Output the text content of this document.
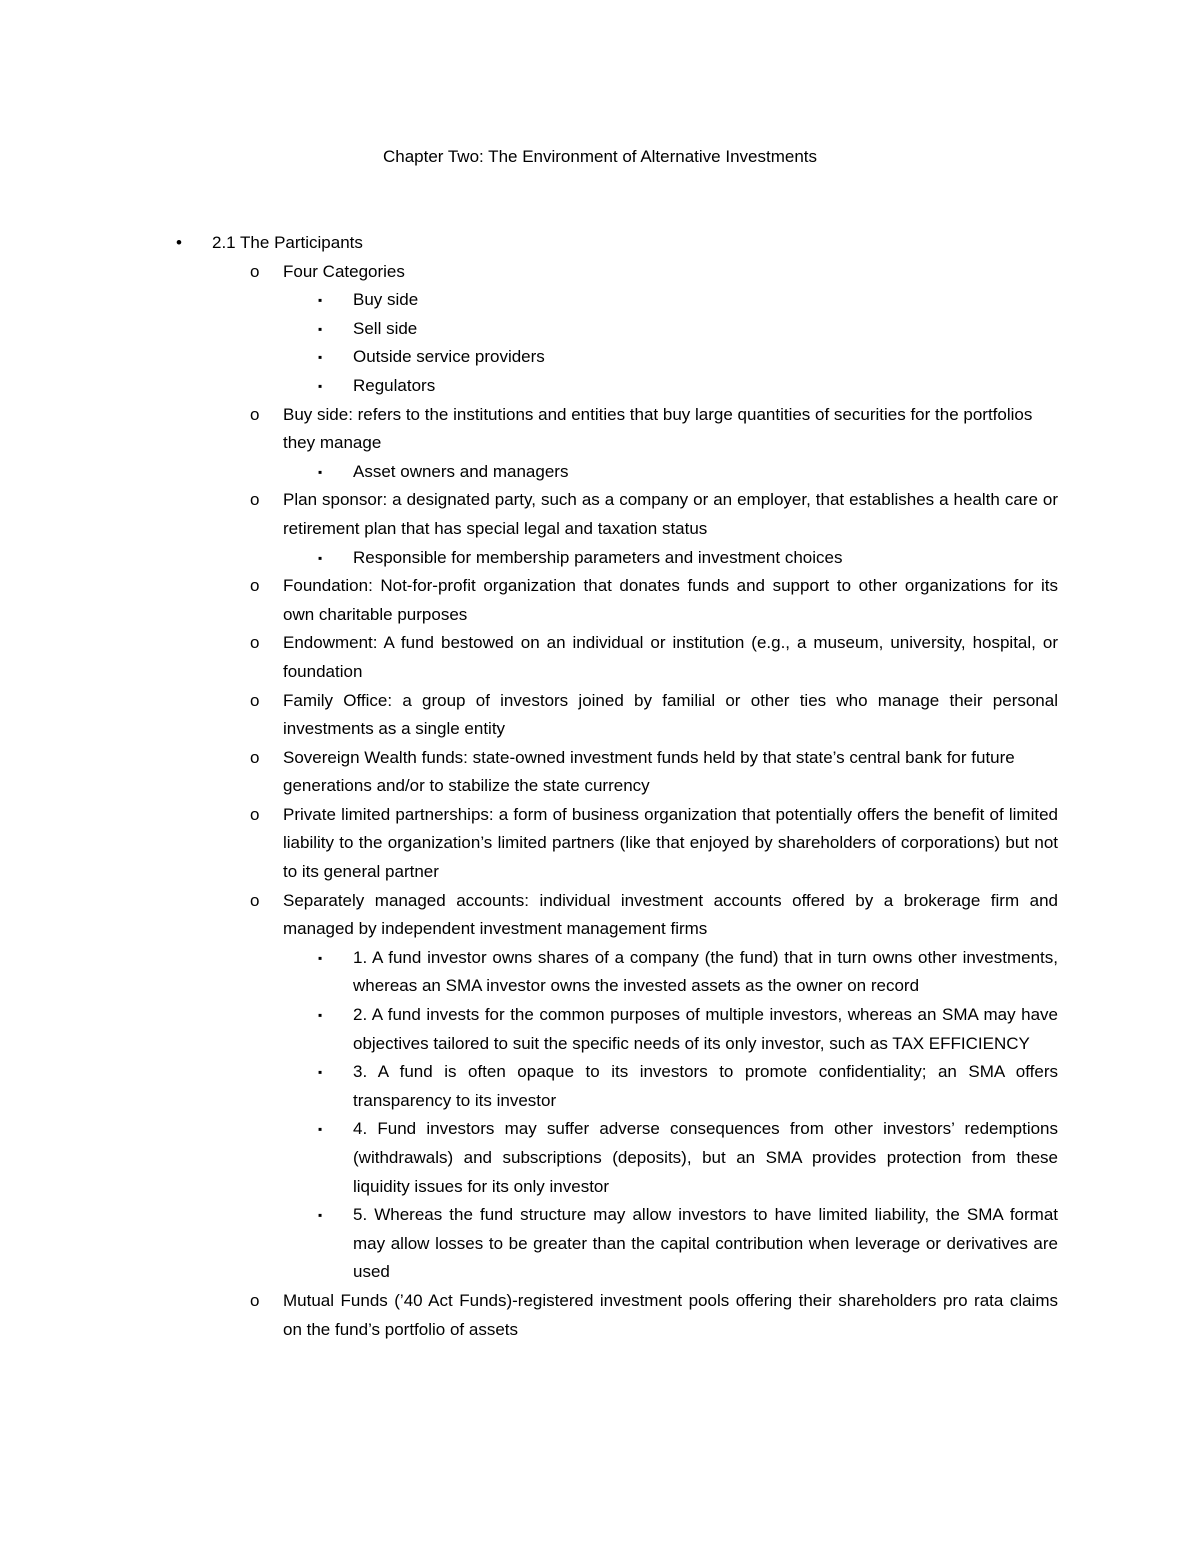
Chapter Two: The Environment of Alternative Investments
• 2.1 The Participants
o Four Categories
▪ Buy side
▪ Sell side
▪ Outside service providers
▪ Regulators
o Buy side: refers to the institutions and entities that buy large quantities of securities for the portfolios they manage
▪ Asset owners and managers
o Plan sponsor: a designated party, such as a company or an employer, that establishes a health care or retirement plan that has special legal and taxation status
▪ Responsible for membership parameters and investment choices
o Foundation: Not-for-profit organization that donates funds and support to other organizations for its own charitable purposes
o Endowment: A fund bestowed on an individual or institution (e.g., a museum, university, hospital, or foundation
o Family Office: a group of investors joined by familial or other ties who manage their personal investments as a single entity
o Sovereign Wealth funds: state-owned investment funds held by that state’s central bank for future generations and/or to stabilize the state currency
o Private limited partnerships: a form of business organization that potentially offers the benefit of limited liability to the organization’s limited partners (like that enjoyed by shareholders of corporations) but not to its general partner
o Separately managed accounts: individual investment accounts offered by a brokerage firm and managed by independent investment management firms
▪ 1. A fund investor owns shares of a company (the fund) that in turn owns other investments, whereas an SMA investor owns the invested assets as the owner on record
▪ 2. A fund invests for the common purposes of multiple investors, whereas an SMA may have objectives tailored to suit the specific needs of its only investor, such as TAX EFFICIENCY
▪ 3. A fund is often opaque to its investors to promote confidentiality; an SMA offers transparency to its investor
▪ 4. Fund investors may suffer adverse consequences from other investors’ redemptions (withdrawals) and subscriptions (deposits), but an SMA provides protection from these liquidity issues for its only investor
▪ 5. Whereas the fund structure may allow investors to have limited liability, the SMA format may allow losses to be greater than the capital contribution when leverage or derivatives are used
o Mutual Funds (’40 Act Funds)-registered investment pools offering their shareholders pro rata claims on the fund’s portfolio of assets
